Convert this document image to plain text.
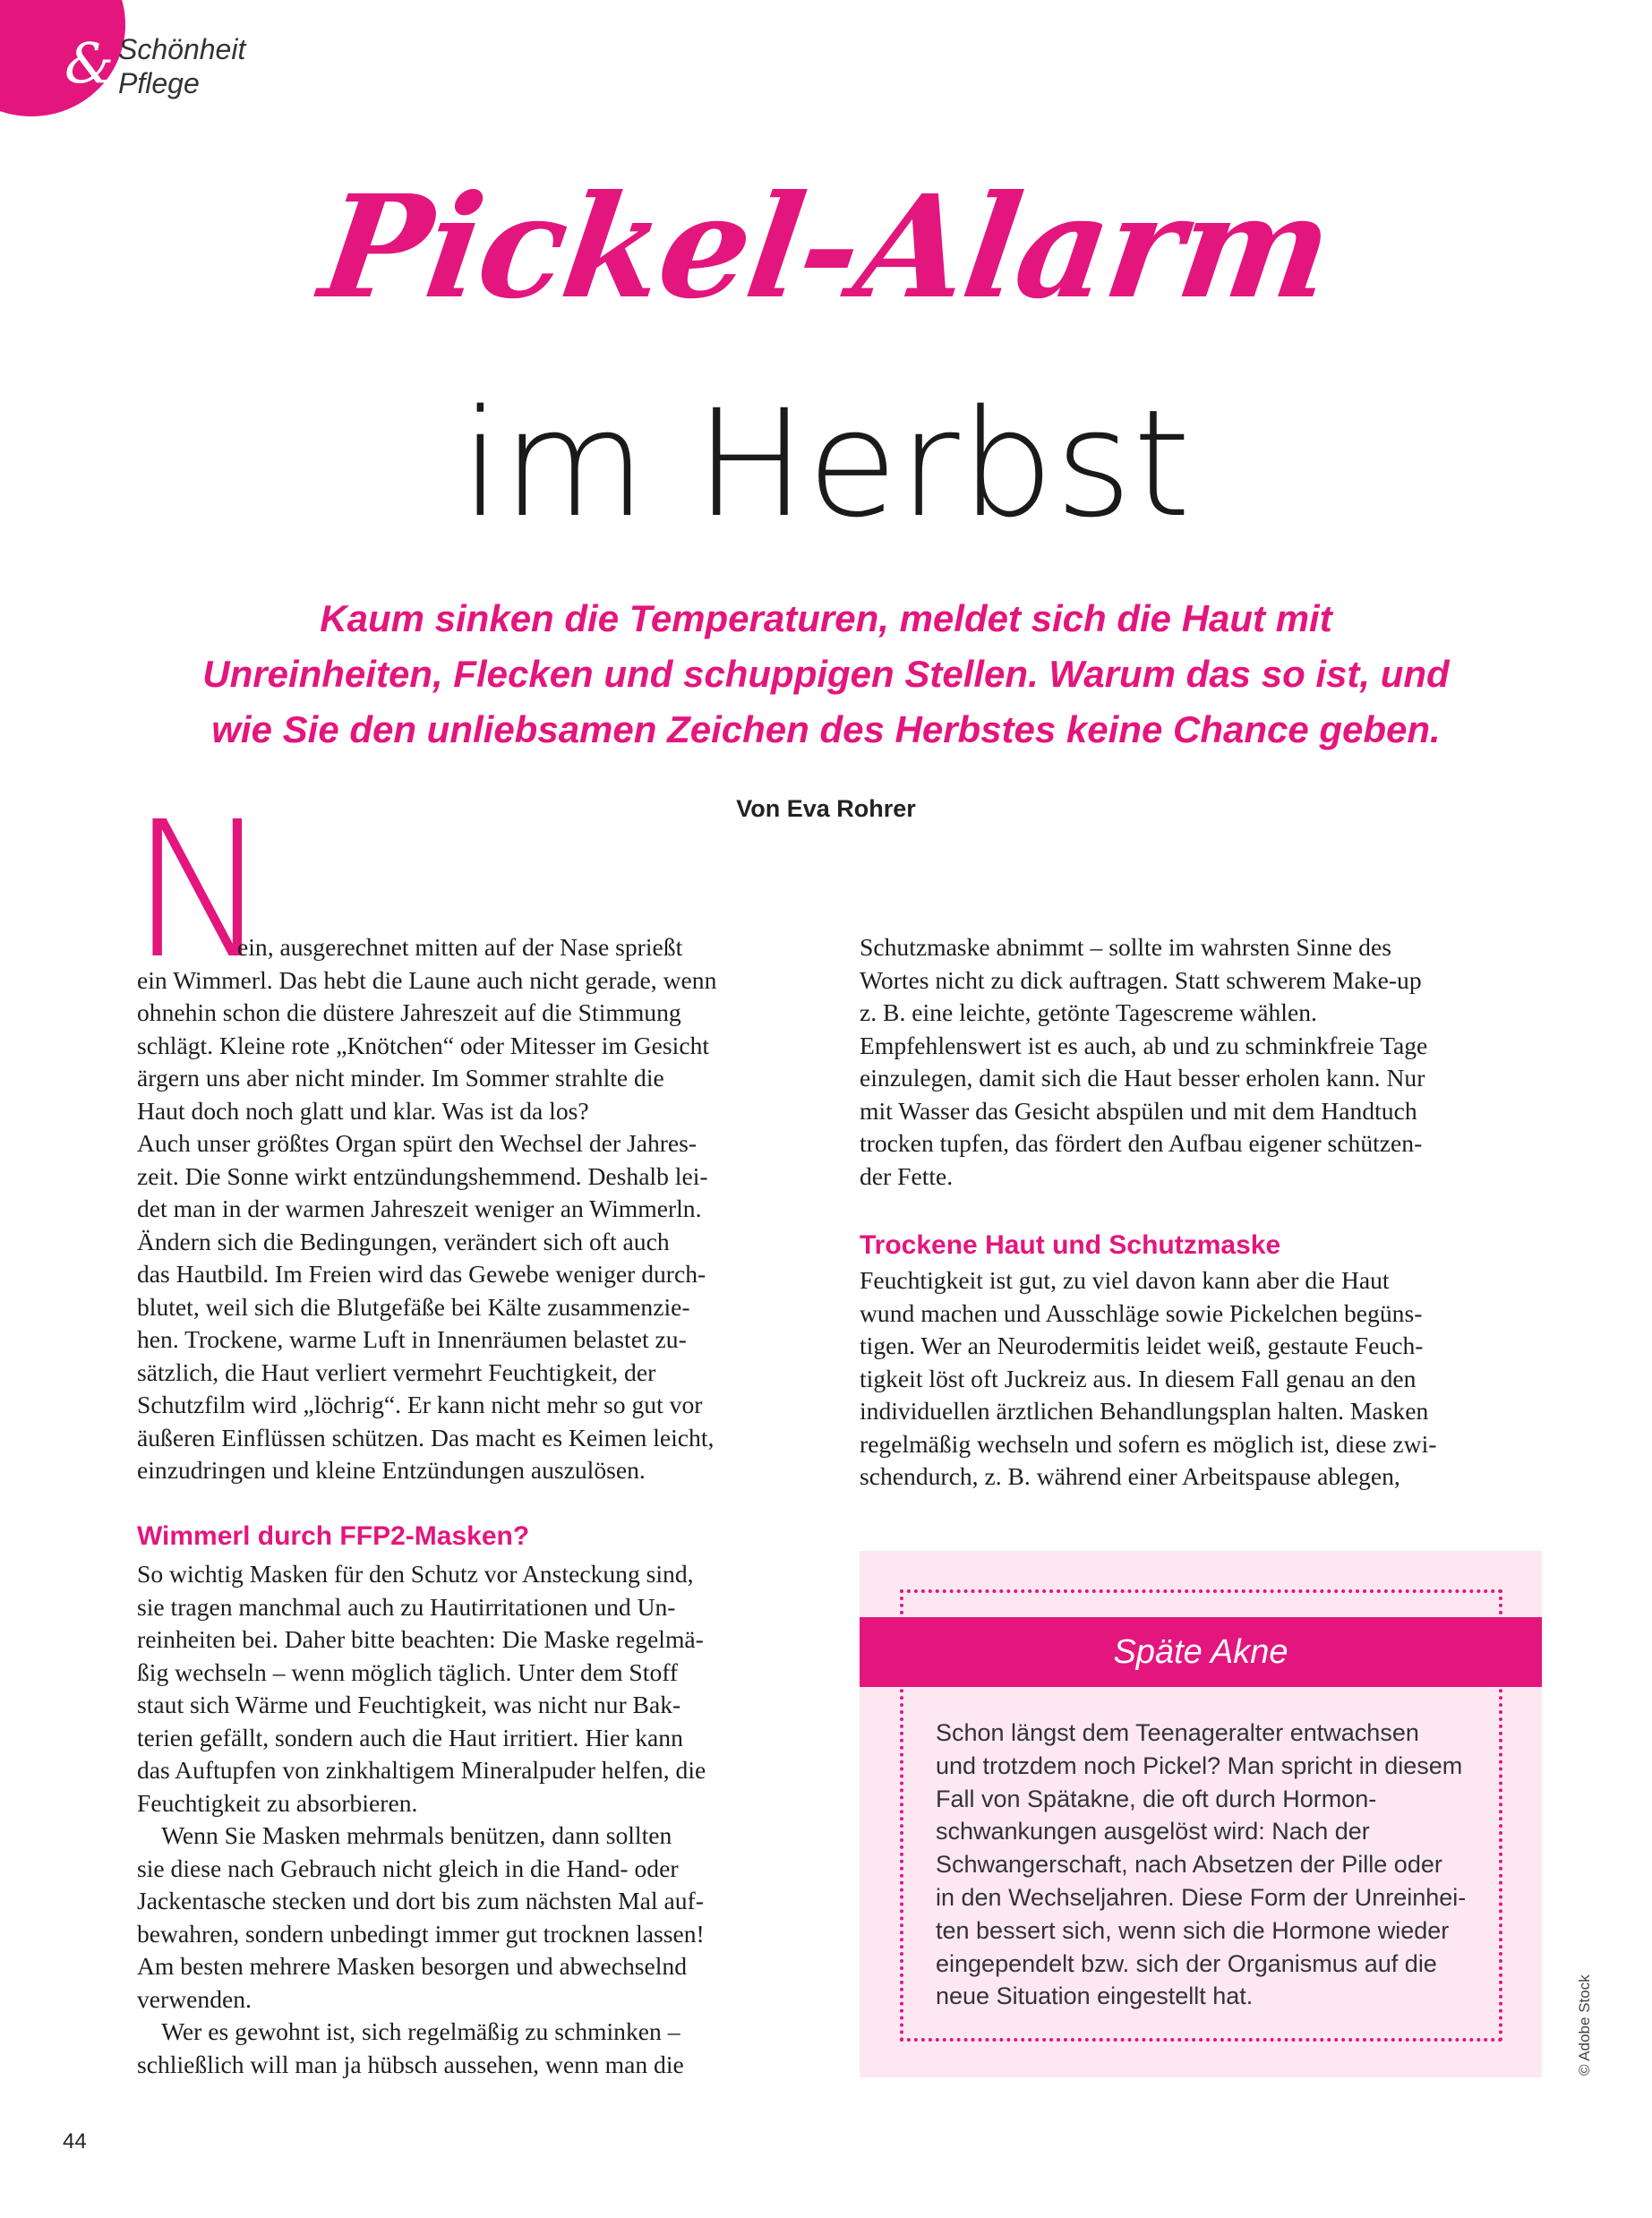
& Schönheit
Pflege
Pickel-Alarm
im Herbst
Kaum sinken die Temperaturen, meldet sich die Haut mit
Unreinheiten, Flecken und schuppigen Stellen. Warum das so ist, und
wie Sie den unliebsamen Zeichen des Herbstes keine Chance geben.
Von Eva Rohrer
N
ein, ausgerechnet mitten auf der Nase sprießt
ein Wimmerl. Das hebt die Laune auch nicht gerade, wenn
ohnehin schon die düstere Jahreszeit auf die Stimmung
schlägt. Kleine rote „Knötchen“ oder Mitesser im Gesicht
ärgern uns aber nicht minder. Im Sommer strahlte die
Haut doch noch glatt und klar. Was ist da los?
Auch unser größtes Organ spürt den Wechsel der Jahres-
zeit. Die Sonne wirkt entzündungshemmend. Deshalb lei-
det man in der warmen Jahreszeit weniger an Wimmerln.
Ändern sich die Bedingungen, verändert sich oft auch
das Hautbild. Im Freien wird das Gewebe weniger durch-
blutet, weil sich die Blutgefäße bei Kälte zusammenzie-
hen. Trockene, warme Luft in Innenräumen belastet zu-
sätzlich, die Haut verliert vermehrt Feuchtigkeit, der
Schutzfilm wird „löchrig“. Er kann nicht mehr so gut vor
äußeren Einflüssen schützen. Das macht es Keimen leicht,
einzudringen und kleine Entzündungen auszulösen.
Wimmerl durch FFP2-Masken?
So wichtig Masken für den Schutz vor Ansteckung sind,
sie tragen manchmal auch zu Hautirritationen und Un-
reinheiten bei. Daher bitte beachten: Die Maske regelmä-
ßig wechseln – wenn möglich täglich. Unter dem Stoff
staut sich Wärme und Feuchtigkeit, was nicht nur Bak-
terien gefällt, sondern auch die Haut irritiert. Hier kann
das Auftupfen von zinkhaltigem Mineralpuder helfen, die
Feuchtigkeit zu absorbieren.
Wenn Sie Masken mehrmals benützen, dann sollten
sie diese nach Gebrauch nicht gleich in die Hand- oder
Jackentasche stecken und dort bis zum nächsten Mal auf-
bewahren, sondern unbedingt immer gut trocknen lassen!
Am besten mehrere Masken besorgen und abwechselnd
verwenden.
Wer es gewohnt ist, sich regelmäßig zu schminken –
schließlich will man ja hübsch aussehen, wenn man die
Schutzmaske abnimmt – sollte im wahrsten Sinne des
Wortes nicht zu dick auftragen. Statt schwerem Make-up
z. B. eine leichte, getönte Tagescreme wählen.
Empfehlenswert ist es auch, ab und zu schminkfreie Tage
einzulegen, damit sich die Haut besser erholen kann. Nur
mit Wasser das Gesicht abspülen und mit dem Handtuch
trocken tupfen, das fördert den Aufbau eigener schützen-
der Fette.
Trockene Haut und Schutzmaske
Feuchtigkeit ist gut, zu viel davon kann aber die Haut
wund machen und Ausschläge sowie Pickelchen begüns-
tigen. Wer an Neurodermitis leidet weiß, gestaute Feuch-
tigkeit löst oft Juckreiz aus. In diesem Fall genau an den
individuellen ärztlichen Behandlungsplan halten. Masken
regelmäßig wechseln und sofern es möglich ist, diese zwi-
schendurch, z. B. während einer Arbeitspause ablegen,
Späte Akne
Schon längst dem Teenageralter entwachsen
und trotzdem noch Pickel? Man spricht in diesem
Fall von Spätakne, die oft durch Hormon-
schwankungen ausgelöst wird: Nach der
Schwangerschaft, nach Absetzen der Pille oder
in den Wechseljahren. Diese Form der Unreinhei-
ten bessert sich, wenn sich die Hormone wieder
eingependelt bzw. sich der Organismus auf die
neue Situation eingestellt hat.
44
© Adobe Stock
